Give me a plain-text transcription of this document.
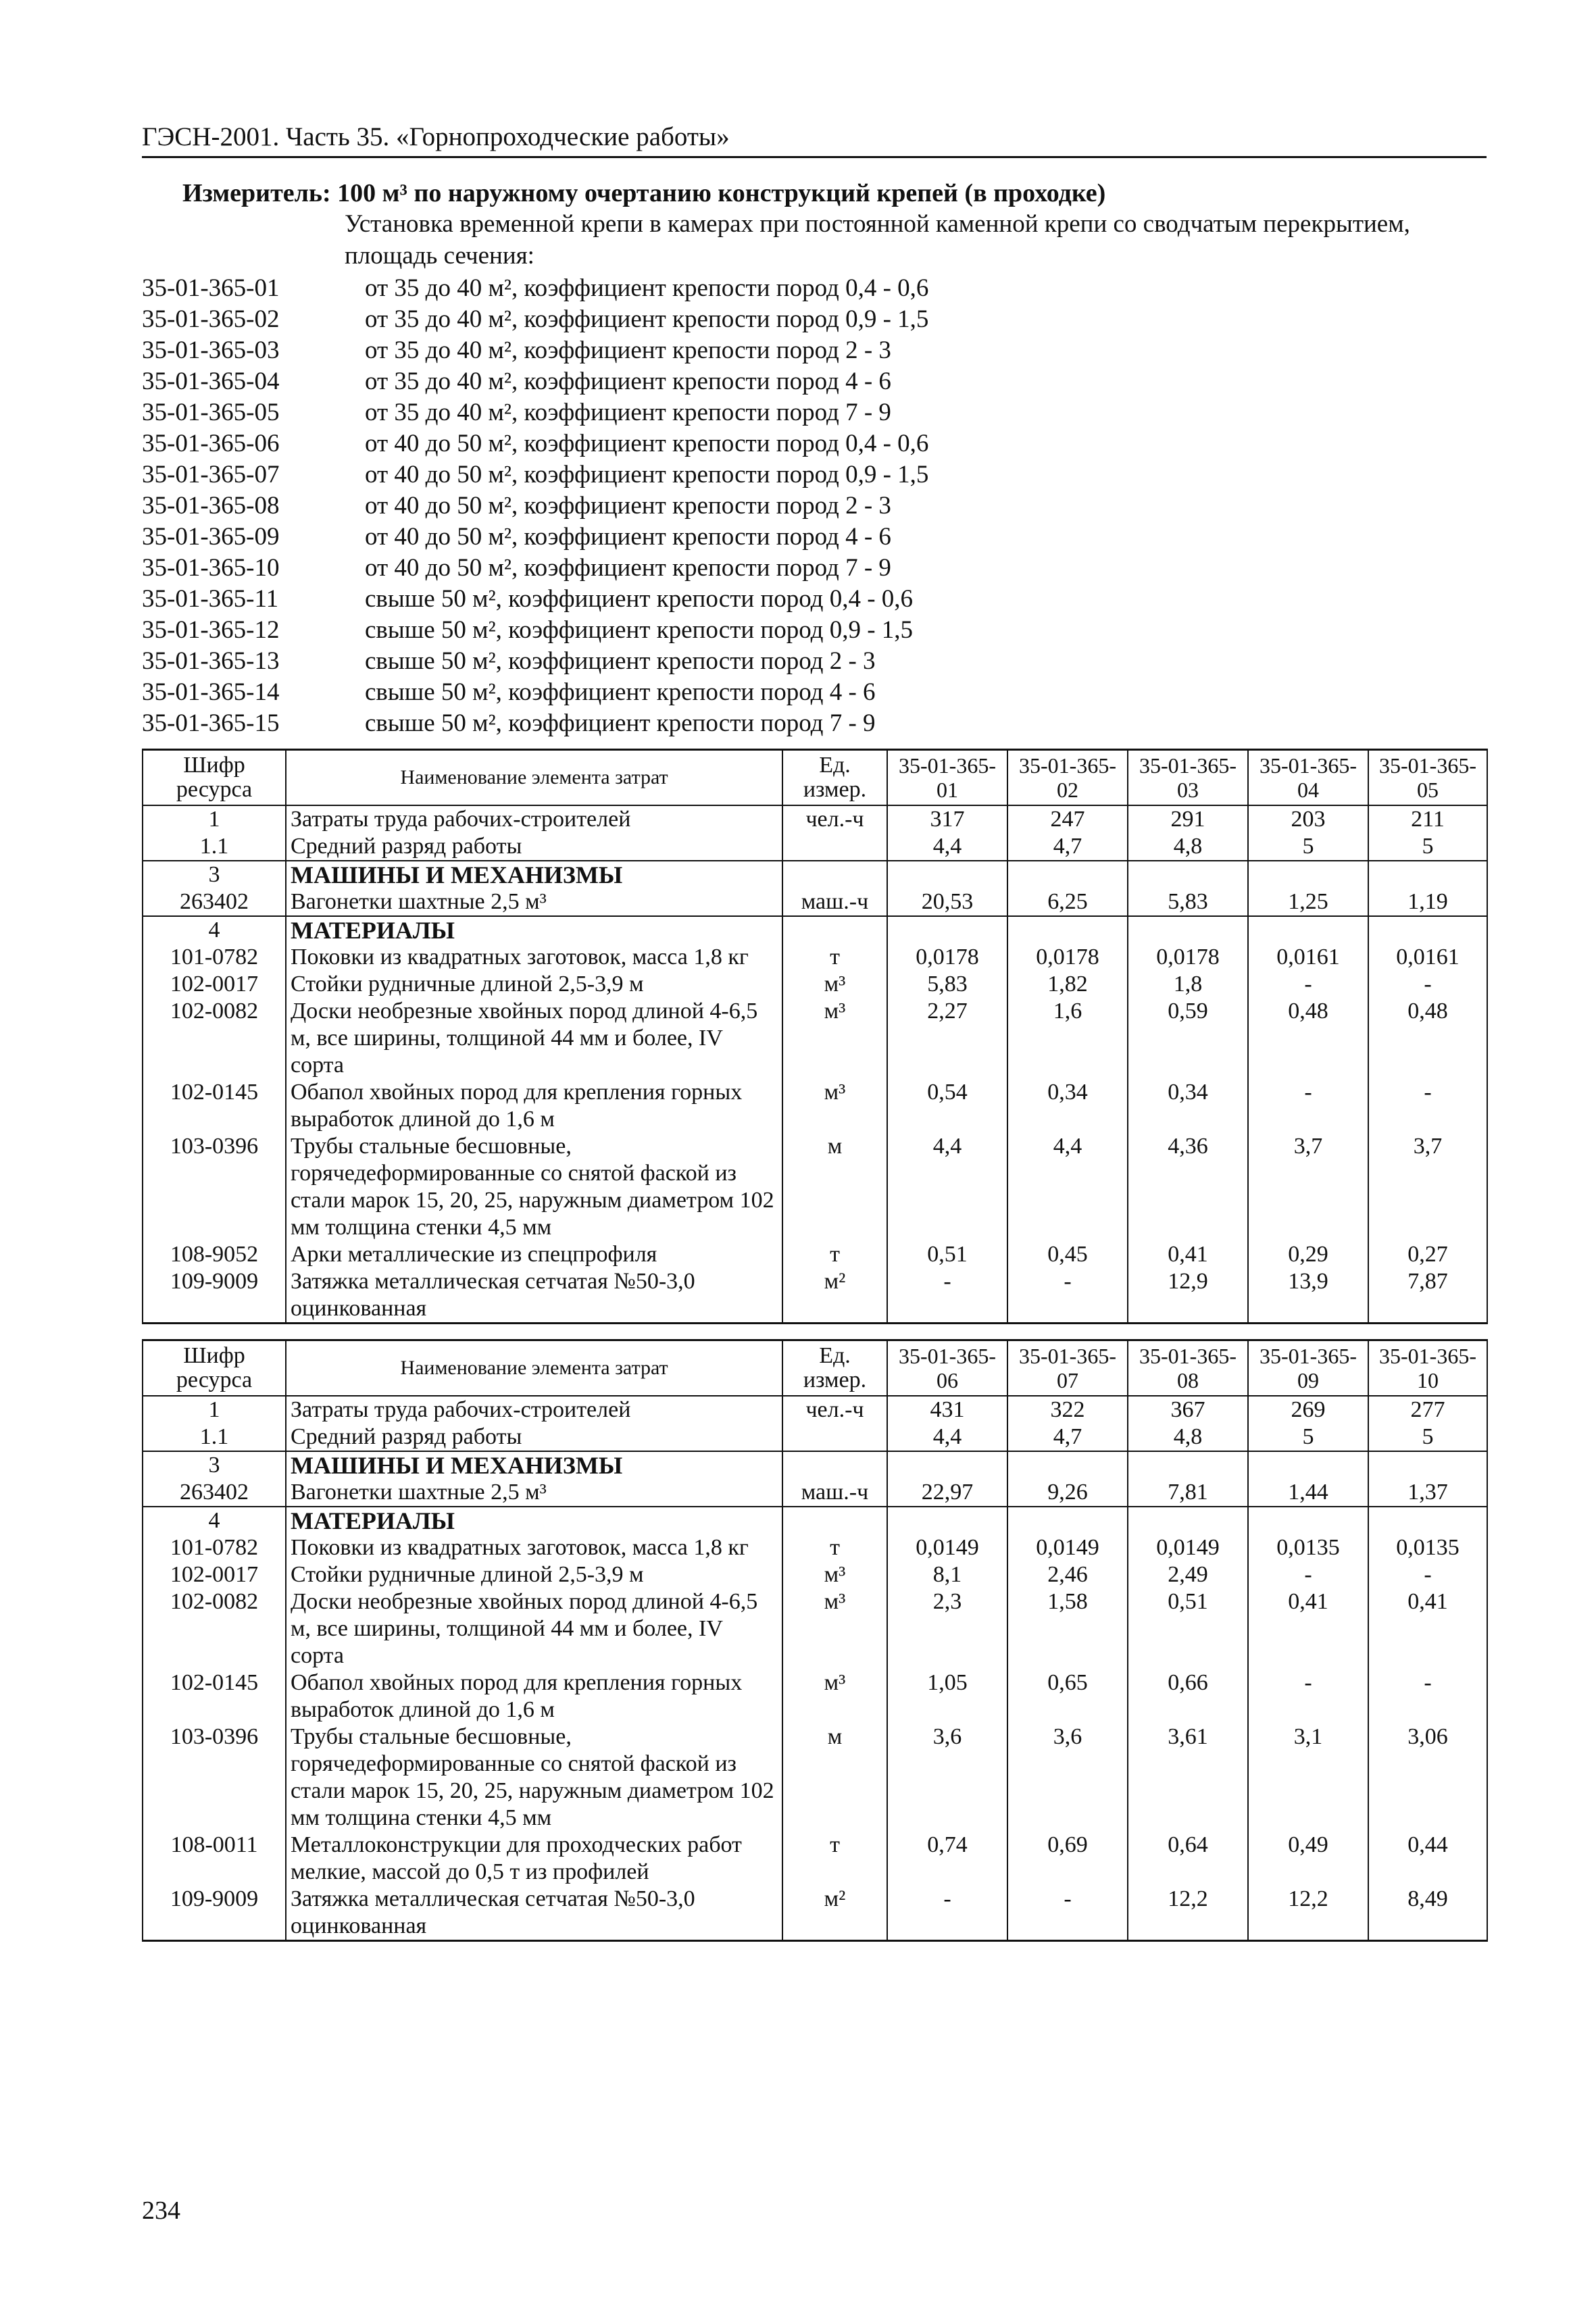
ГЭСН-2001. Часть 35. «Горнопроходческие работы»
Измеритель: 100 м³ по наружному очертанию конструкций крепей (в проходке)
Установка временной крепи в камерах при постоянной каменной крепи со сводчатым перекрытием, площадь сечения:
35-01-365-01	от 35 до 40 м², коэффициент крепости пород 0,4 - 0,6
35-01-365-02	от 35 до 40 м², коэффициент крепости пород 0,9 - 1,5
35-01-365-03	от 35 до 40 м², коэффициент крепости пород 2 - 3
35-01-365-04	от 35 до 40 м², коэффициент крепости пород 4 - 6
35-01-365-05	от 35 до 40 м², коэффициент крепости пород 7 - 9
35-01-365-06	от 40 до 50 м², коэффициент крепости пород 0,4 - 0,6
35-01-365-07	от 40 до 50 м², коэффициент крепости пород 0,9 - 1,5
35-01-365-08	от 40 до 50 м², коэффициент крепости пород 2 - 3
35-01-365-09	от 40 до 50 м², коэффициент крепости пород 4 - 6
35-01-365-10	от 40 до 50 м², коэффициент крепости пород 7 - 9
35-01-365-11	свыше 50 м², коэффициент крепости пород 0,4 - 0,6
35-01-365-12	свыше 50 м², коэффициент крепости пород 0,9 - 1,5
35-01-365-13	свыше 50 м², коэффициент крепости пород 2 - 3
35-01-365-14	свыше 50 м², коэффициент крепости пород 4 - 6
35-01-365-15	свыше 50 м², коэффициент крепости пород 7 - 9
Шифр ресурса	Наименование элемента затрат	Ед. измер.	35-01-365-01	35-01-365-02	35-01-365-03	35-01-365-04	35-01-365-05
1	Затраты труда рабочих-строителей	чел.-ч	317	247	291	203	211
1.1	Средний разряд работы		4,4	4,7	4,8	5	5
3	МАШИНЫ И МЕХАНИЗМЫ						
263402	Вагонетки шахтные 2,5 м³	маш.-ч	20,53	6,25	5,83	1,25	1,19
4	МАТЕРИАЛЫ						
101-0782	Поковки из квадратных заготовок, масса 1,8 кг	т	0,0178	0,0178	0,0178	0,0161	0,0161
102-0017	Стойки рудничные длиной 2,5-3,9 м	м³	5,83	1,82	1,8	-	-
102-0082	Доски необрезные хвойных пород длиной 4-6,5 м, все ширины, толщиной 44 мм и более, IV сорта	м³	2,27	1,6	0,59	0,48	0,48
102-0145	Обапол хвойных пород для крепления горных выработок длиной до 1,6 м	м³	0,54	0,34	0,34	-	-
103-0396	Трубы стальные бесшовные, горячедеформированные со снятой фаской из стали марок 15, 20, 25, наружным диаметром 102 мм толщина стенки 4,5 мм	м	4,4	4,4	4,36	3,7	3,7
108-9052	Арки металлические из спецпрофиля	т	0,51	0,45	0,41	0,29	0,27
109-9009	Затяжка металлическая сетчатая №50-3,0 оцинкованная	м²	-	-	12,9	13,9	7,87
Шифр ресурса	Наименование элемента затрат	Ед. измер.	35-01-365-06	35-01-365-07	35-01-365-08	35-01-365-09	35-01-365-10
1	Затраты труда рабочих-строителей	чел.-ч	431	322	367	269	277
1.1	Средний разряд работы		4,4	4,7	4,8	5	5
3	МАШИНЫ И МЕХАНИЗМЫ						
263402	Вагонетки шахтные 2,5 м³	маш.-ч	22,97	9,26	7,81	1,44	1,37
4	МАТЕРИАЛЫ						
101-0782	Поковки из квадратных заготовок, масса 1,8 кг	т	0,0149	0,0149	0,0149	0,0135	0,0135
102-0017	Стойки рудничные длиной 2,5-3,9 м	м³	8,1	2,46	2,49	-	-
102-0082	Доски необрезные хвойных пород длиной 4-6,5 м, все ширины, толщиной 44 мм и более, IV сорта	м³	2,3	1,58	0,51	0,41	0,41
102-0145	Обапол хвойных пород для крепления горных выработок длиной до 1,6 м	м³	1,05	0,65	0,66	-	-
103-0396	Трубы стальные бесшовные, горячедеформированные со снятой фаской из стали марок 15, 20, 25, наружным диаметром 102 мм толщина стенки 4,5 мм	м	3,6	3,6	3,61	3,1	3,06
108-0011	Металлоконструкции для проходческих работ мелкие, массой до 0,5 т из профилей	т	0,74	0,69	0,64	0,49	0,44
109-9009	Затяжка металлическая сетчатая №50-3,0 оцинкованная	м²	-	-	12,2	12,2	8,49
234
